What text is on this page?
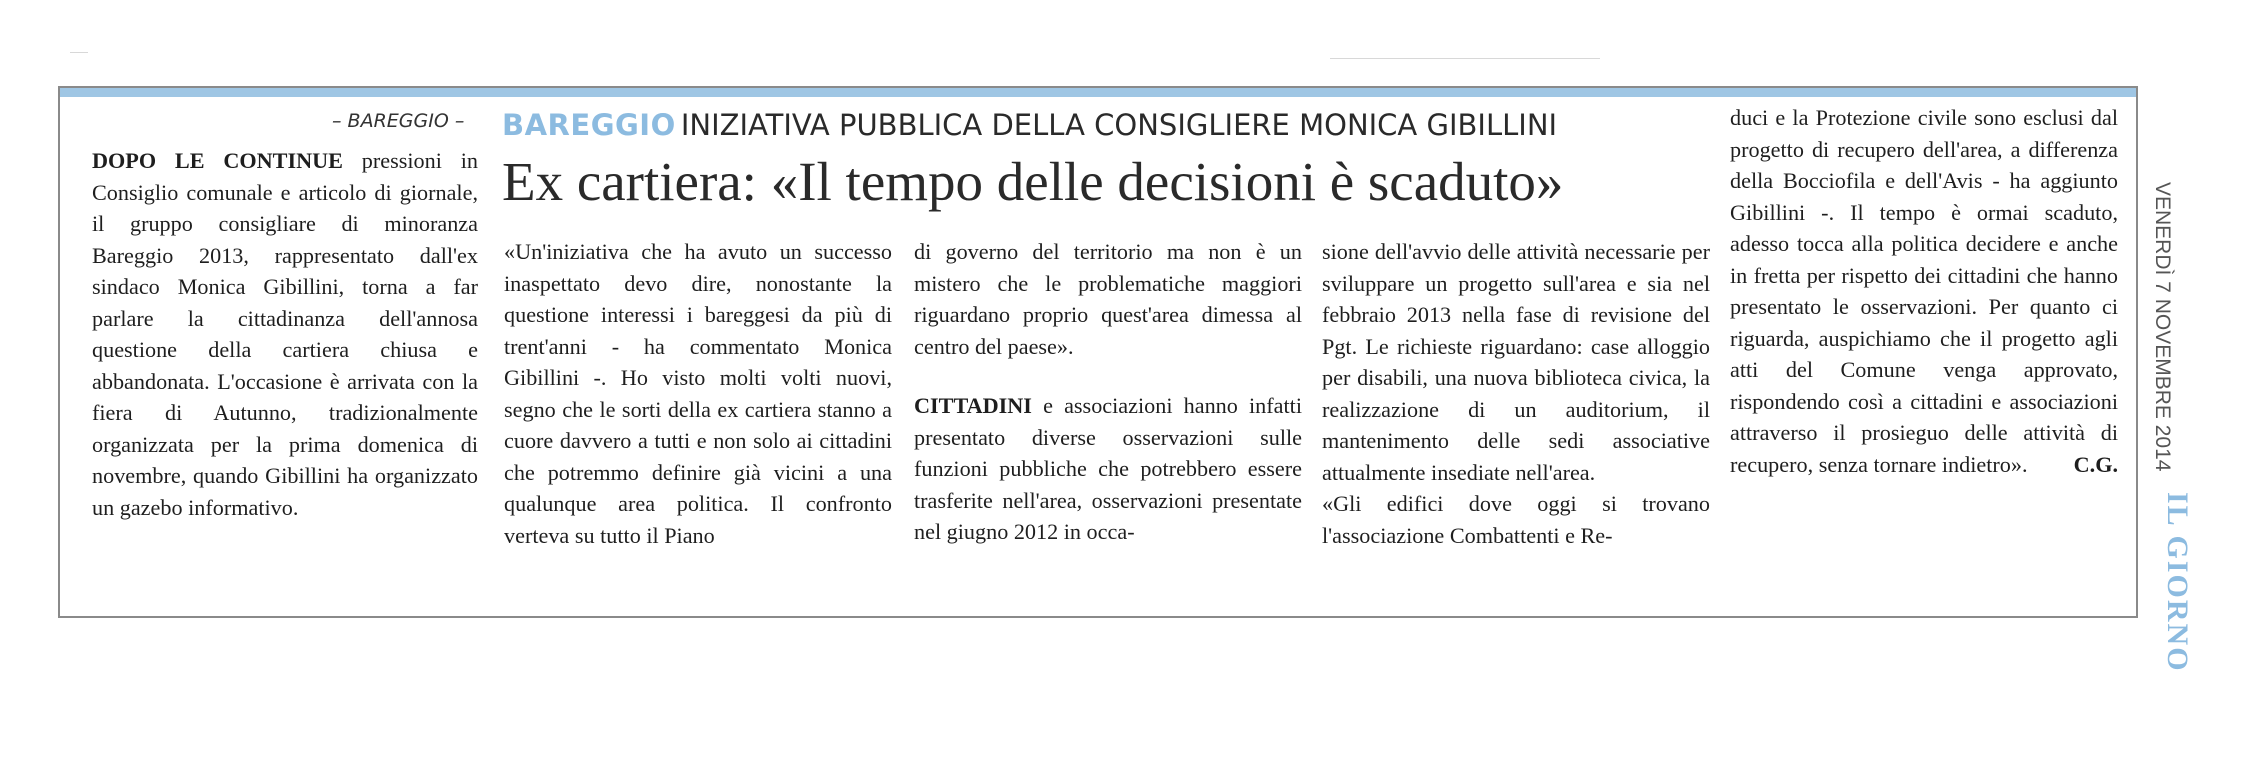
– BAREGGIO –

DOPO LE CONTINUE pressioni in Consiglio comunale e articolo di giornale, il gruppo consigliare di minoranza Bareggio 2013, rappresentato dall'ex sindaco Monica Gibillini, torna a far parlare la cittadinanza dell'annosa questione della cartiera chiusa e abbandonata. L'occasione è arrivata con la fiera di Autunno, tradizionalmente organizzata per la prima domenica di novembre, quando Gibillini ha organizzato un gazebo informativo.

BAREGGIO INIZIATIVA PUBBLICA DELLA CONSIGLIERE MONICA GIBILLINI
Ex cartiera: «Il tempo delle decisioni è scaduto»

«Un'iniziativa che ha avuto un successo inaspettato devo dire, nonostante la questione interessi i bareggesi da più di trent'anni - ha commentato Monica Gibillini -. Ho visto molti volti nuovi, segno che le sorti della ex cartiera stanno a cuore davvero a tutti e non solo ai cittadini che potremmo definire già vicini a una qualunque area politica. Il confronto verteva su tutto il Piano

di governo del territorio ma non è un mistero che le problematiche maggiori riguardano proprio quest'area dimessa al centro del paese».

CITTADINI e associazioni hanno infatti presentato diverse osservazioni sulle funzioni pubbliche che potrebbero essere trasferite nell'area, osservazioni presentate nel giugno 2012 in occa-

sione dell'avvio delle attività necessarie per sviluppare un progetto sull'area e sia nel febbraio 2013 nella fase di revisione del Pgt. Le richieste riguardano: case alloggio per disabili, una nuova biblioteca civica, la realizzazione di un auditorium, il mantenimento delle sedi associative attualmente insediate nell'area.

«Gli edifici dove oggi si trovano l'associazione Combattenti e Re-

duci e la Protezione civile sono esclusi dal progetto di recupero dell'area, a differenza della Bocciofila e dell'Avis - ha aggiunto Gibillini -. Il tempo è ormai scaduto, adesso tocca alla politica decidere e anche in fretta per rispetto dei cittadini che hanno presentato le osservazioni. Per quanto ci riguarda, auspichiamo che il progetto agli atti del Comune venga approvato, rispondendo così a cittadini e associazioni attraverso il prosieguo delle attività di recupero, senza tornare indietro». C.G. VENERDÌ 7 NOVEMBRE 2014
IL GIORNO
